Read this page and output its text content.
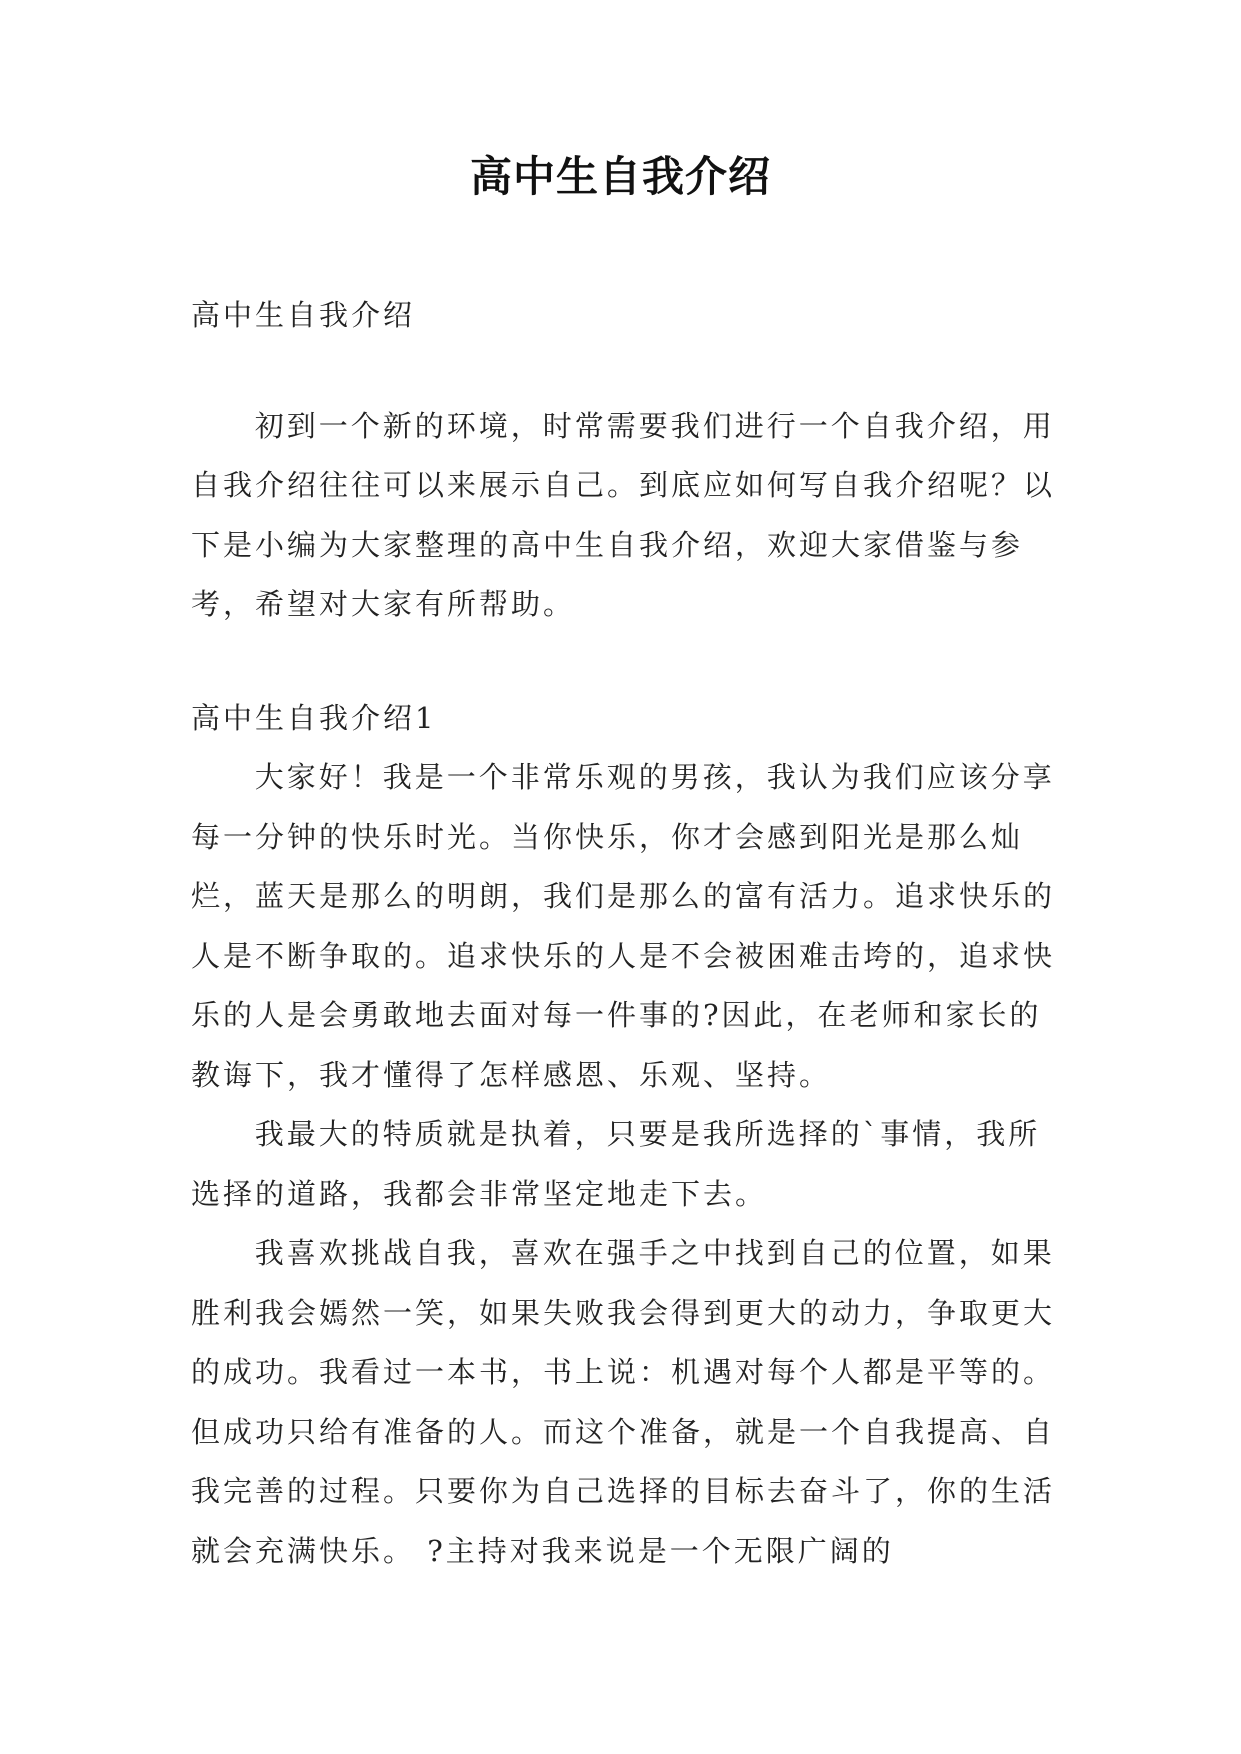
高中生自我介绍

高中生自我介绍

初到一个新的环境，时常需要我们进行一个自我介绍，用自我介绍往往可以来展示自己。到底应如何写自我介绍呢？以下是小编为大家整理的高中生自我介绍，欢迎大家借鉴与参考，希望对大家有所帮助。

高中生自我介绍1

大家好！我是一个非常乐观的男孩，我认为我们应该分享每一分钟的快乐时光。当你快乐，你才会感到阳光是那么灿烂，蓝天是那么的明朗，我们是那么的富有活力。追求快乐的人是不断争取的。追求快乐的人是不会被困难击垮的，追求快乐的人是会勇敢地去面对每一件事的?因此，在老师和家长的教诲下，我才懂得了怎样感恩、乐观、坚持。

我最大的特质就是执着，只要是我所选择的`事情，我所选择的道路，我都会非常坚定地走下去。

我喜欢挑战自我，喜欢在强手之中找到自己的位置，如果胜利我会嫣然一笑，如果失败我会得到更大的动力，争取更大的成功。我看过一本书，书上说：机遇对每个人都是平等的。但成功只给有准备的人。而这个准备，就是一个自我提高、自我完善的过程。只要你为自己选择的目标去奋斗了，你的生活就会充满快乐。 ?主持对我来说是一个无限广阔的
